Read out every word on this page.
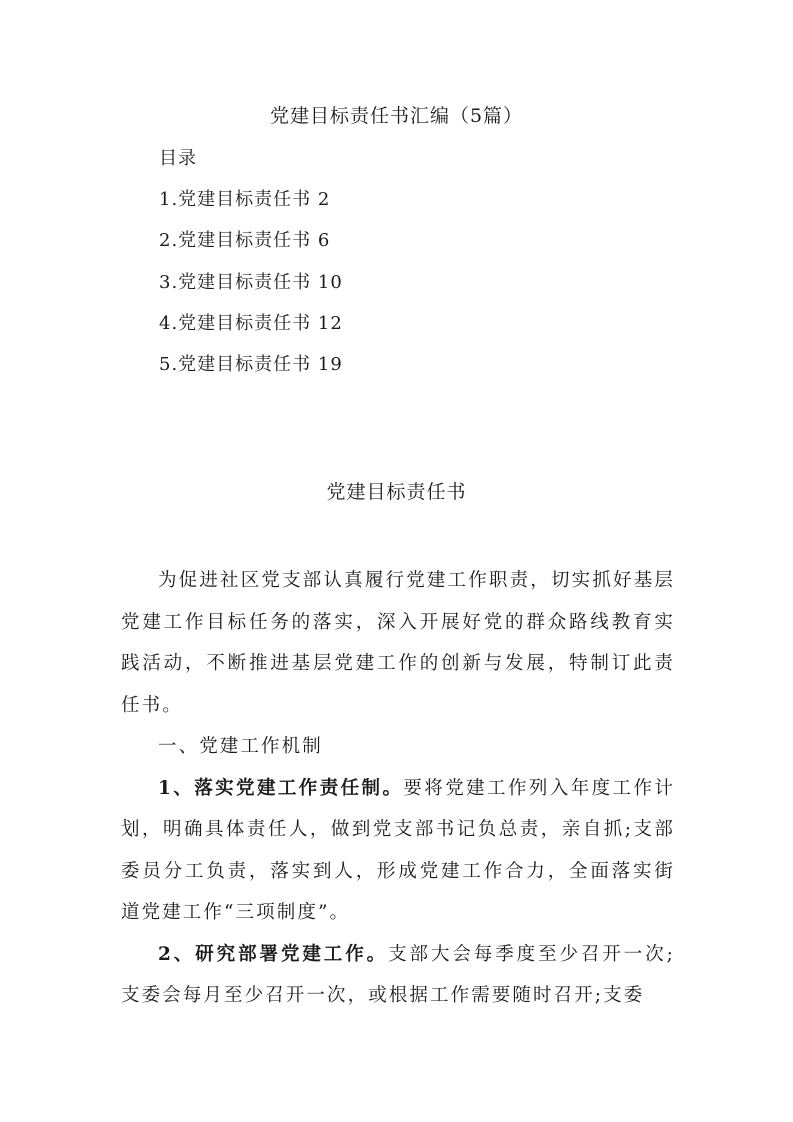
党建目标责任书汇编（5篇）
目录
1.党建目标责任书 2
2.党建目标责任书 6
3.党建目标责任书 10
4.党建目标责任书 12
5.党建目标责任书 19
党建目标责任书

为促进社区党支部认真履行党建工作职责，切实抓好基层党建工作目标任务的落实，深入开展好党的群众路线教育实践活动，不断推进基层党建工作的创新与发展，特制订此责任书。

一、党建工作机制

1、落实党建工作责任制。要将党建工作列入年度工作计划，明确具体责任人，做到党支部书记负总责，亲自抓;支部委员分工负责，落实到人，形成党建工作合力，全面落实街道党建工作“三项制度”。

2、研究部署党建工作。支部大会每季度至少召开一次;支委会每月至少召开一次，或根据工作需要随时召开;支委
